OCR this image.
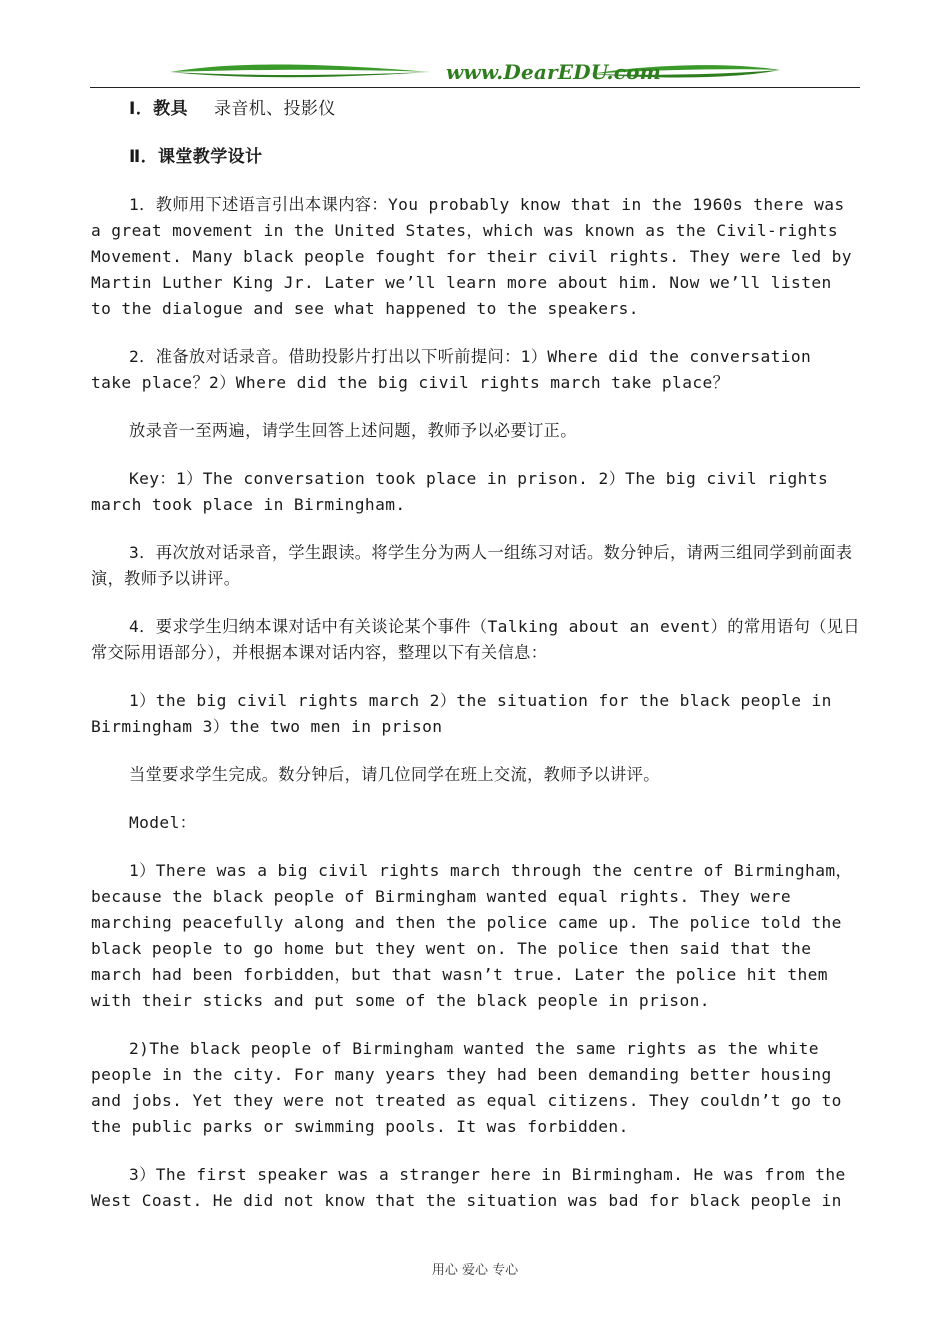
www.DearEDU.com

Ⅰ．教具 录音机、投影仪

Ⅱ．课堂教学设计

1．教师用下述语言引出本课内容：You probably know that in the 1960s there was a great movement in the United States，which was known as the Civil-rights Movement. Many black people fought for their civil rights. They were led by Martin Luther King Jr. Later we’ll learn more about him. Now we’ll listen to the dialogue and see what happened to the speakers.

2．准备放对话录音。借助投影片打出以下听前提问：1）Where did the conversation take place？2）Where did the big civil rights march take place？

放录音一至两遍，请学生回答上述问题，教师予以必要订正。

Key：1）The conversation took place in prison. 2）The big civil rights march took place in Birmingham.

3．再次放对话录音，学生跟读。将学生分为两人一组练习对话。数分钟后，请两三组同学到前面表演，教师予以讲评。

4．要求学生归纳本课对话中有关谈论某个事件（Talking about an event）的常用语句（见日常交际用语部分），并根据本课对话内容，整理以下有关信息：

1）the big civil rights march 2）the situation for the black people in Birmingham 3）the two men in prison

当堂要求学生完成。数分钟后，请几位同学在班上交流，教师予以讲评。

Model：

1）There was a big civil rights march through the centre of Birmingham，because the black people of Birmingham wanted equal rights. They were marching peacefully along and then the police came up. The police told the black people to go home but they went on. The police then said that the march had been forbidden，but that wasn’t true. Later the police hit them with their sticks and put some of the black people in prison.

2)The black people of Birmingham wanted the same rights as the white people in the city. For many years they had been demanding better housing and jobs. Yet they were not treated as equal citizens. They couldn’t go to the public parks or swimming pools. It was forbidden.

3）The first speaker was a stranger here in Birmingham. He was from the West Coast. He did not know that the situation was bad for black people in

用心 爱心 专心
